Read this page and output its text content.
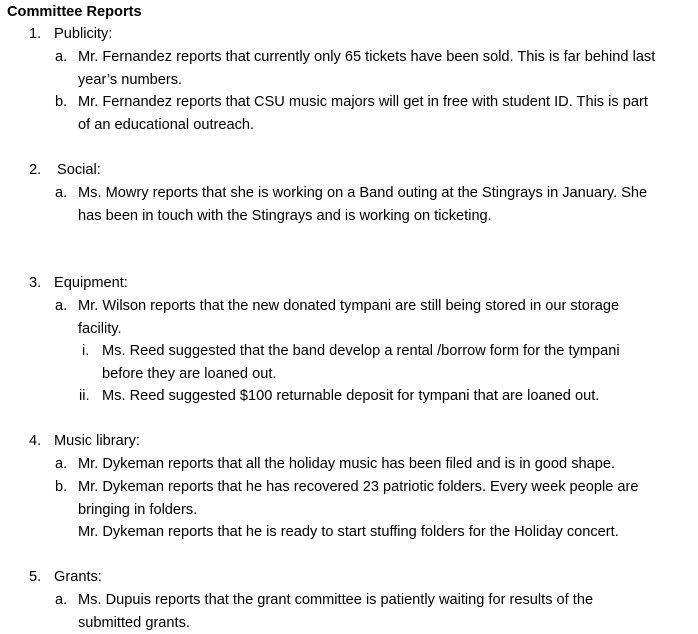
Committee Reports
1. Publicity:
a. Mr. Fernandez reports that currently only 65 tickets have been sold. This is far behind last
year’s numbers.
b. Mr. Fernandez reports that CSU music majors will get in free with student ID. This is part
of an educational outreach.
2. Social:
a. Ms. Mowry reports that she is working on a Band outing at the Stingrays in January. She
has been in touch with the Stingrays and is working on ticketing.
3. Equipment:
a. Mr. Wilson reports that the new donated tympani are still being stored in our storage
facility.
i. Ms. Reed suggested that the band develop a rental /borrow form for the tympani
before they are loaned out.
ii. Ms. Reed suggested $100 returnable deposit for tympani that are loaned out.
4. Music library:
a. Mr. Dykeman reports that all the holiday music has been filed and is in good shape.
b. Mr. Dykeman reports that he has recovered 23 patriotic folders. Every week people are
bringing in folders.
Mr. Dykeman reports that he is ready to start stuffing folders for the Holiday concert.
5. Grants:
a. Ms. Dupuis reports that the grant committee is patiently waiting for results of the
submitted grants.
